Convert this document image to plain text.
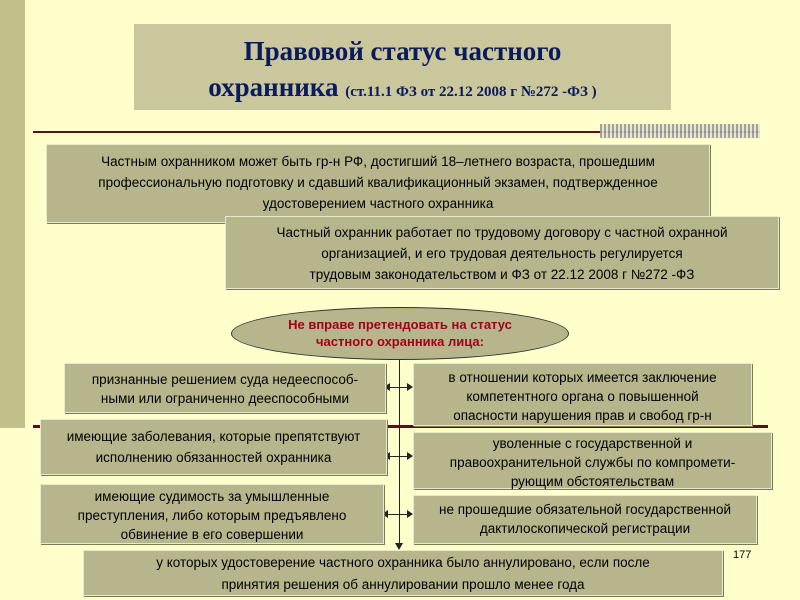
Правовой статус частного
охранника (ст.11.1 ФЗ от 22.12 2008 г №272 -ФЗ )
Частным охранником может быть гр-н РФ, достигший 18–летнего возраста, прошедшим
профессиональную подготовку и сдавший квалификационный экзамен, подтвержденное
удостоверением частного охранника
Частный охранник работает по трудовому договору с частной охранной
организацией, и его трудовая деятельность регулируется
трудовым законодательством и ФЗ от 22.12 2008 г №272 -ФЗ
Не вправе претендовать на статус
частного охранника лица:
признанные решением суда недееспособ-
ными или ограниченно дееспособными
имеющие заболевания, которые препятствуют
исполнению обязанностей охранника
имеющие судимость за умышленные
преступления, либо которым предъявлено
обвинение в его совершении
в отношении которых имеется заключение
компетентного органа о повышенной
опасности нарушения прав и свобод гр-н
уволенные с государственной и
правоохранительной службы по компромети-
рующим обстоятельствам
не прошедшие обязательной государственной
дактилоскопической регистрации
у которых удостоверение частного охранника было аннулировано, если после
принятия решения об аннулировании прошло менее года
177
